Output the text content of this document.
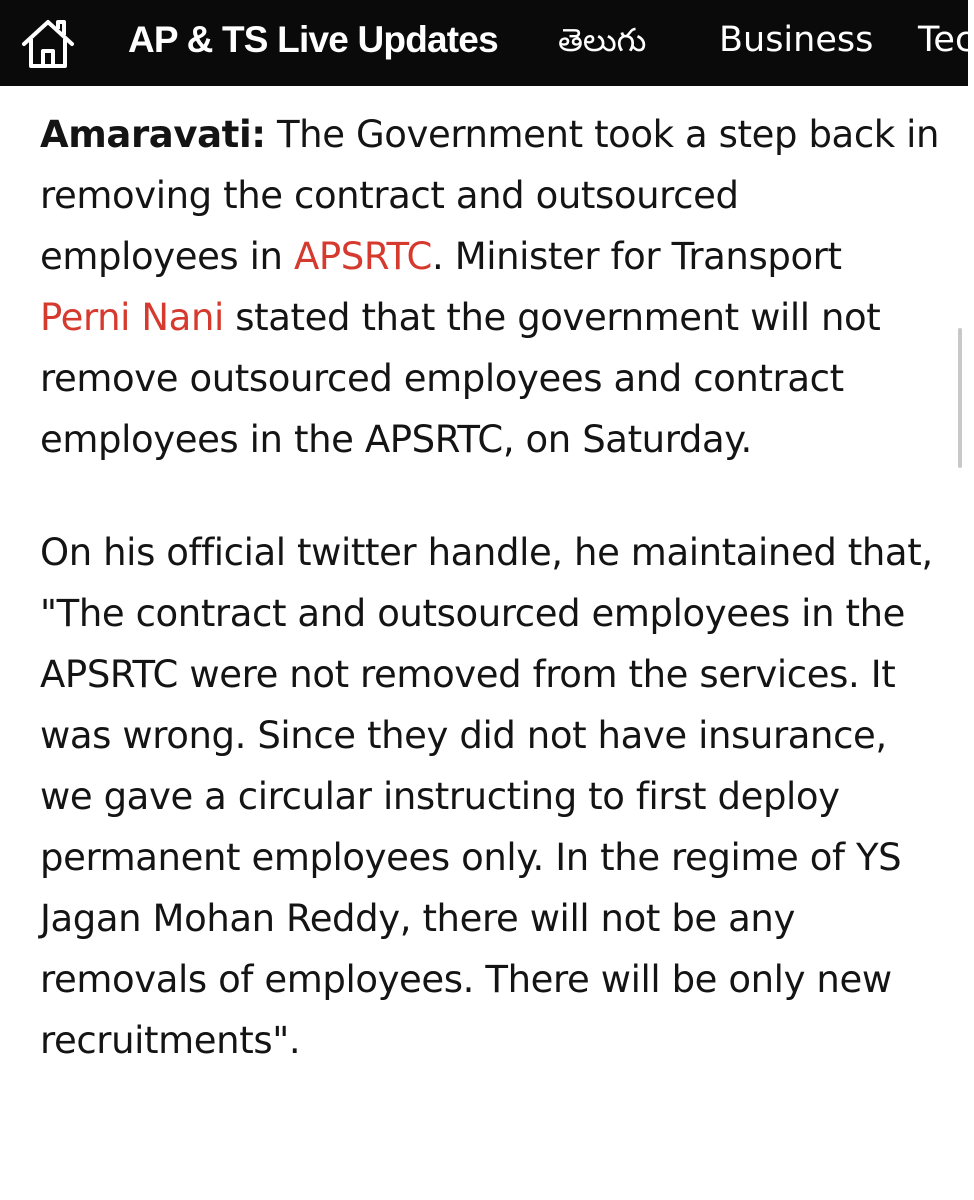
AP & TS Live Updates తెలుగు Business Tec

Amaravati: The Government took a step back in removing the contract and outsourced employees in APSRTC. Minister for Transport Perni Nani stated that the government will not remove outsourced employees and contract employees in the APSRTC, on Saturday.

On his official twitter handle, he maintained that, "The contract and outsourced employees in the APSRTC were not removed from the services. It was wrong. Since they did not have insurance, we gave a circular instructing to first deploy permanent employees only. In the regime of YS Jagan Mohan Reddy, there will not be any removals of employees. There will be only new recruitments".
